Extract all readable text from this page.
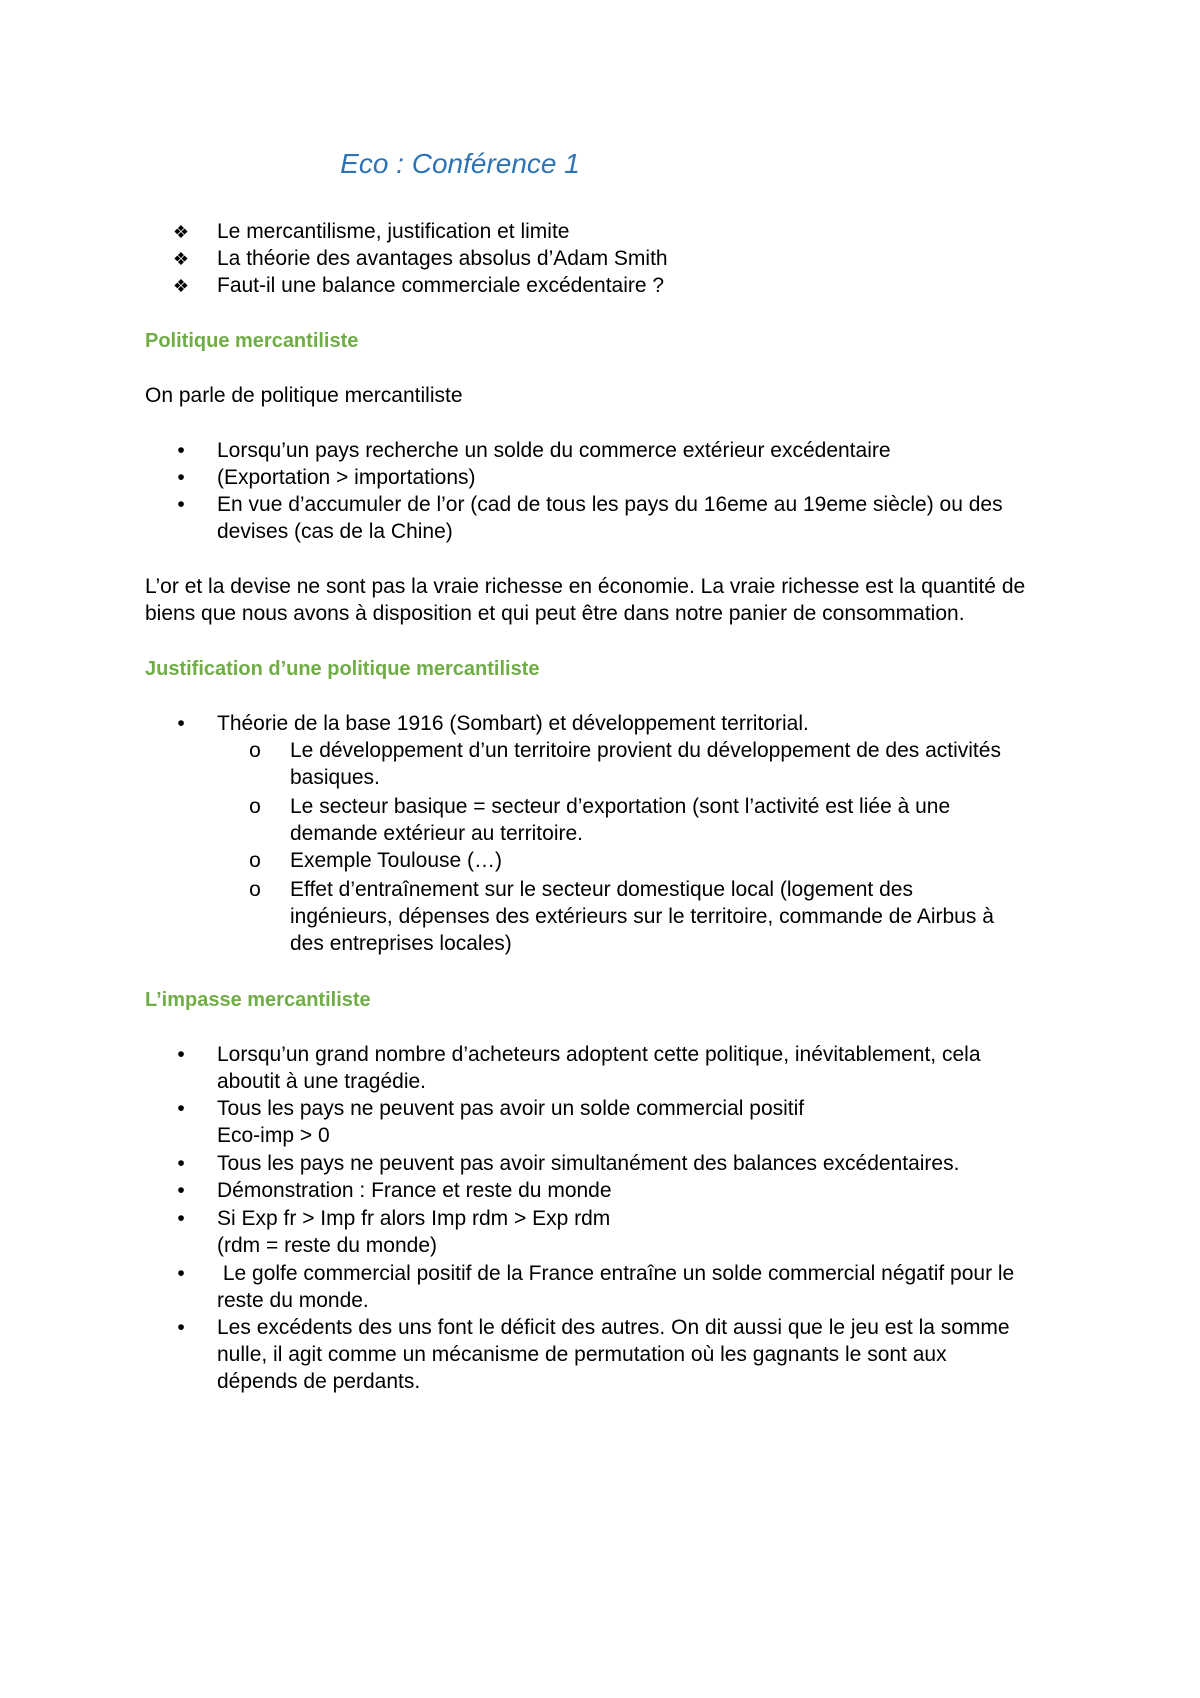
Eco : Conférence 1
❖ Le mercantilisme, justification et limite
❖ La théorie des avantages absolus d’Adam Smith
❖ Faut-il une balance commerciale excédentaire ?
Politique mercantiliste
On parle de politique mercantiliste
•	Lorsqu’un pays recherche un solde du commerce extérieur excédentaire
•	(Exportation > importations)
•	En vue d’accumuler de l’or (cad de tous les pays du 16eme au 19eme siècle) ou des
devises (cas de la Chine)
L’or et la devise ne sont pas la vraie richesse en économie. La vraie richesse est la quantité de
biens que nous avons à disposition et qui peut être dans notre panier de consommation.
Justification d’une politique mercantiliste
•	Théorie de la base 1916 (Sombart) et développement territorial.
o Le développement d’un territoire provient du développement de des activités
basiques.
o Le secteur basique = secteur d’exportation (sont l’activité est liée à une
demande extérieur au territoire.
o Exemple Toulouse (…)
o Effet d’entraînement sur le secteur domestique local (logement des
ingénieurs, dépenses des extérieurs sur le territoire, commande de Airbus à
des entreprises locales)
L’impasse mercantiliste
•	Lorsqu’un grand nombre d’acheteurs adoptent cette politique, inévitablement, cela
aboutit à une tragédie.
•	Tous les pays ne peuvent pas avoir un solde commercial positif
Eco-imp > 0
•	Tous les pays ne peuvent pas avoir simultanément des balances excédentaires.
•	Démonstration : France et reste du monde
•	Si Exp fr > Imp fr alors Imp rdm > Exp rdm
(rdm = reste du monde)
•	Le golfe commercial positif de la France entraîne un solde commercial négatif pour le
reste du monde.
•	Les excédents des uns font le déficit des autres. On dit aussi que le jeu est la somme
nulle, il agit comme un mécanisme de permutation où les gagnants le sont aux
dépends de perdants.
